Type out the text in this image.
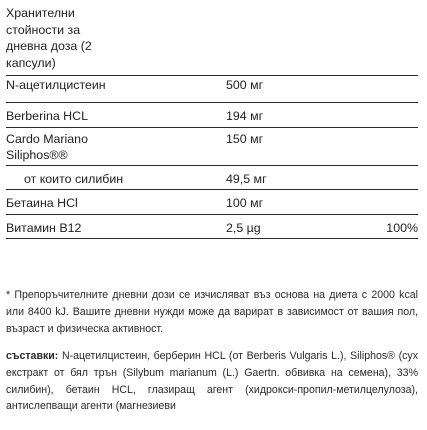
Хранителни стойности за дневна доза (2 капсули)		
N-ацетилцистеин	500 мг	
Berberina HCL	194 мг	
Cardo Mariano Siliphos®®	150 мг	
от които силибин	49,5 мг	
Бетаина HCl	100 мг	
Витамин B12	2,5 µg	100%
* Препоръчителните дневни дози се изчисляват въз основа на диета с 2000 kcal или 8400 kJ. Вашите дневни нужди може да варират в зависимост от вашия пол, възраст и физическа активност.
съставки: N-ацетилцистеин, берберин HCL (от Berberis Vulgaris L.), Siliphos® (сух екстракт от бял трън (Silybum marianum (L.) Gaertn. обвивка на семена), 33% силибин), бетаин HCL, глазиращ агент (хидрокси-пропил-метилцелулоза), антислепващи агенти (магнезиеви
